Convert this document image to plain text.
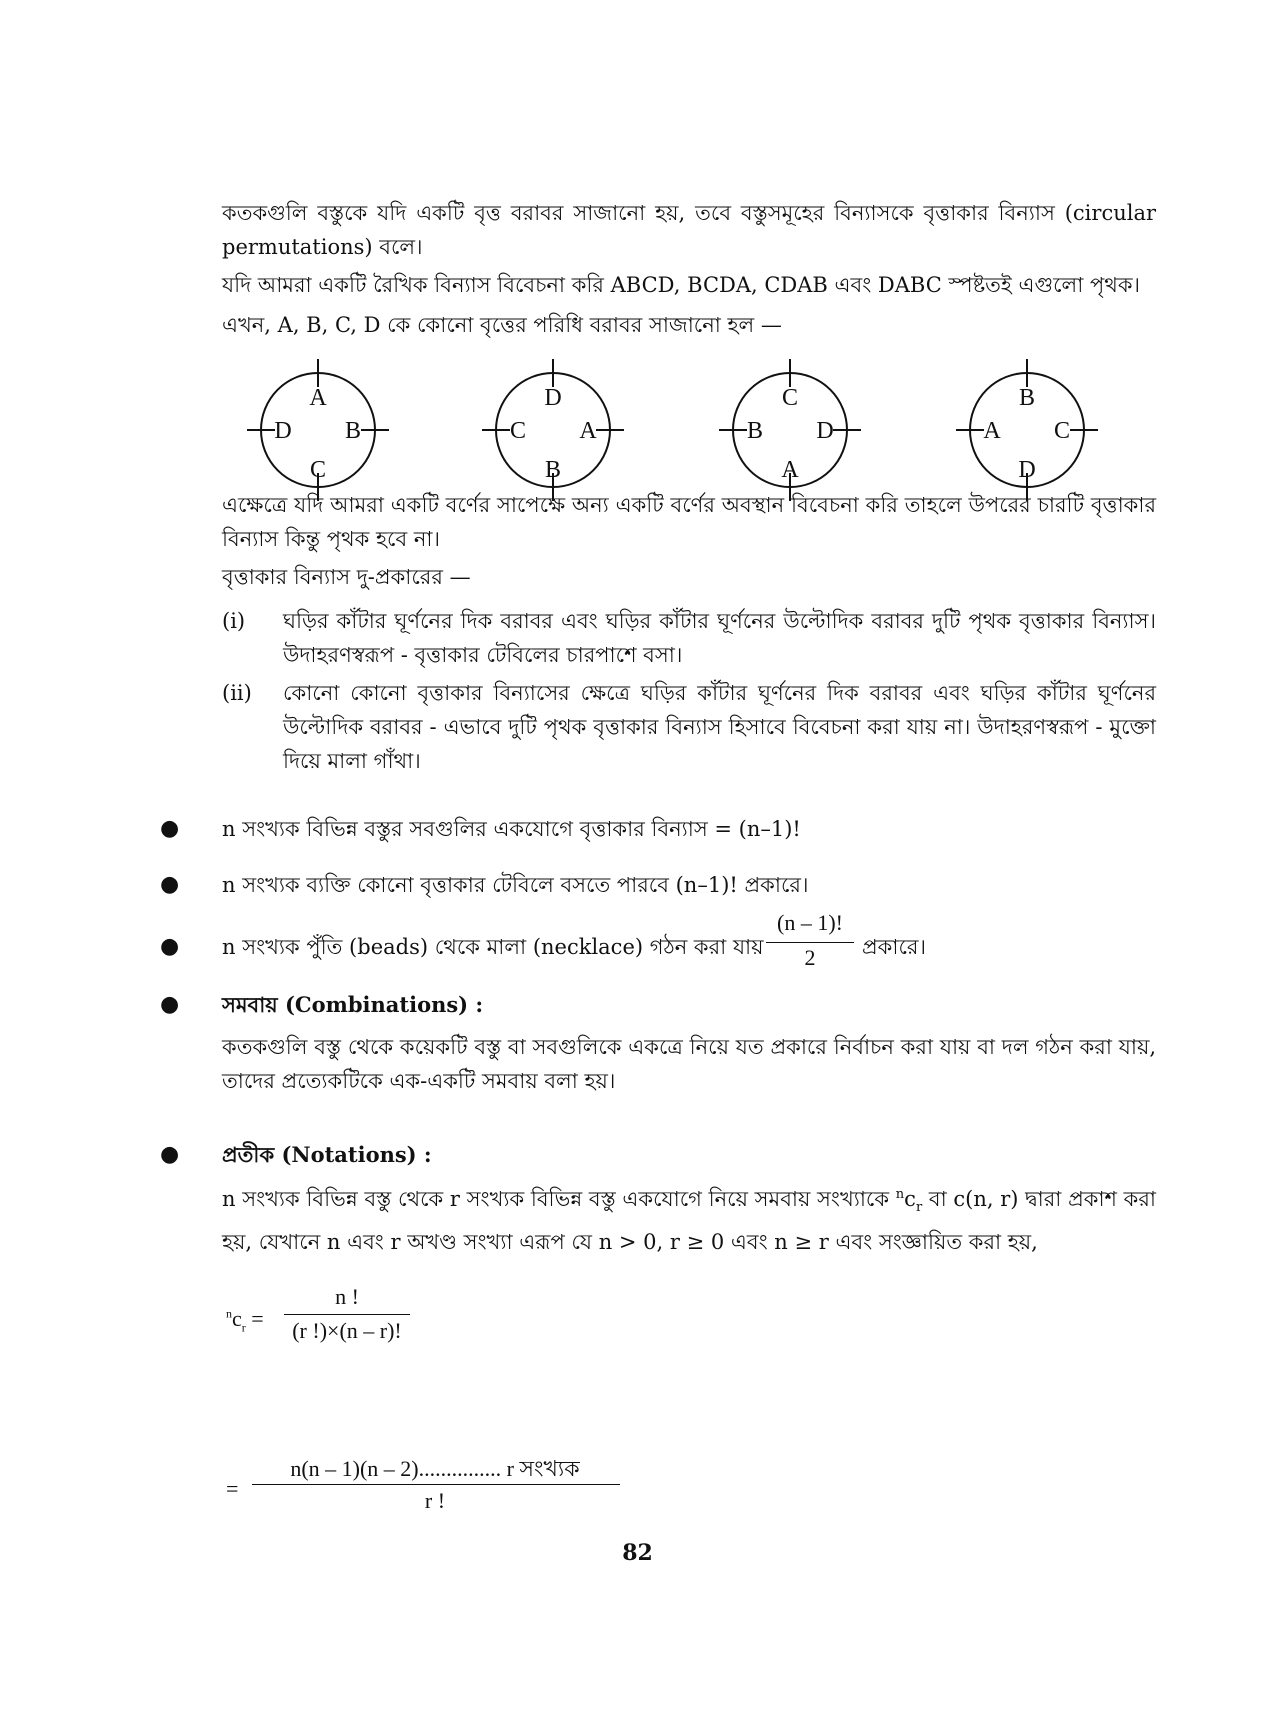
কতকগুলি বস্তুকে যদি একটি বৃত্ত বরাবর সাজানো হয়, তবে বস্তুসমূহের বিন্যাসকে বৃত্তাকার বিন্যাস (circular permutations) বলে।
যদি আমরা একটি রৈখিক বিন্যাস বিবেচনা করি ABCD, BCDA, CDAB এবং DABC স্পষ্টতই এগুলো পৃথক।
এখন, A, B, C, D কে কোনো বৃত্তের পরিধি বরাবর সাজানো হল —
A
C
D B
D
B
C A
C
A
B D
B
D
A C
এক্ষেত্রে যদি আমরা একটি বর্ণের সাপেক্ষে অন্য একটি বর্ণের অবস্থান বিবেচনা করি তাহলে উপরের চারটি বৃত্তাকার বিন্যাস কিন্তু পৃথক হবে না।
বৃত্তাকার বিন্যাস দু-প্রকারের —
(i) ঘড়ির কাঁটার ঘূর্ণনের দিক বরাবর এবং ঘড়ির কাঁটার ঘূর্ণনের উল্টোদিক বরাবর দুটি পৃথক বৃত্তাকার বিন্যাস। উদাহরণস্বরূপ - বৃত্তাকার টেবিলের চারপাশে বসা।
(ii) কোনো কোনো বৃত্তাকার বিন্যাসের ক্ষেত্রে ঘড়ির কাঁটার ঘূর্ণনের দিক বরাবর এবং ঘড়ির কাঁটার ঘূর্ণনের উল্টোদিক বরাবর - এভাবে দুটি পৃথক বৃত্তাকার বিন্যাস হিসাবে বিবেচনা করা যায় না। উদাহরণস্বরূপ - মুক্তো দিয়ে মালা গাঁথা।
● n সংখ্যক বিভিন্ন বস্তুর সবগুলির একযোগে বৃত্তাকার বিন্যাস = (n–1)!
● n সংখ্যক ব্যক্তি কোনো বৃত্তাকার টেবিলে বসতে পারবে (n–1)! প্রকারে।
● n সংখ্যক পুঁতি (beads) থেকে মালা (necklace) গঠন করা যায়
(n – 1)!
2	প্রকারে।
● সমবায় (Combinations) :
কতকগুলি বস্তু থেকে কয়েকটি বস্তু বা সবগুলিকে একত্রে নিয়ে যত প্রকারে নির্বাচন করা যায় বা দল গঠন করা যায়, তাদের প্রত্যেকটিকে এক-একটি সমবায় বলা হয়।
● প্রতীক (Notations) :
n সংখ্যক বিভিন্ন বস্তু থেকে r সংখ্যক বিভিন্ন বস্তু একযোগে নিয়ে সমবায় সংখ্যাকে $^nc_r$ বা c(n, r) দ্বারা প্রকাশ করা হয়, যেখানে n এবং r অখণ্ড সংখ্যা এরূপ যে n > 0, r ≥ 0 এবং n ≥ r এবং সংজ্ঞায়িত করা হয়,
$^nc_r$ =
n !
(r !)×(n – r)!
=
n(n – 1)(n – 2)............... r সংখ্যক
r !
82
